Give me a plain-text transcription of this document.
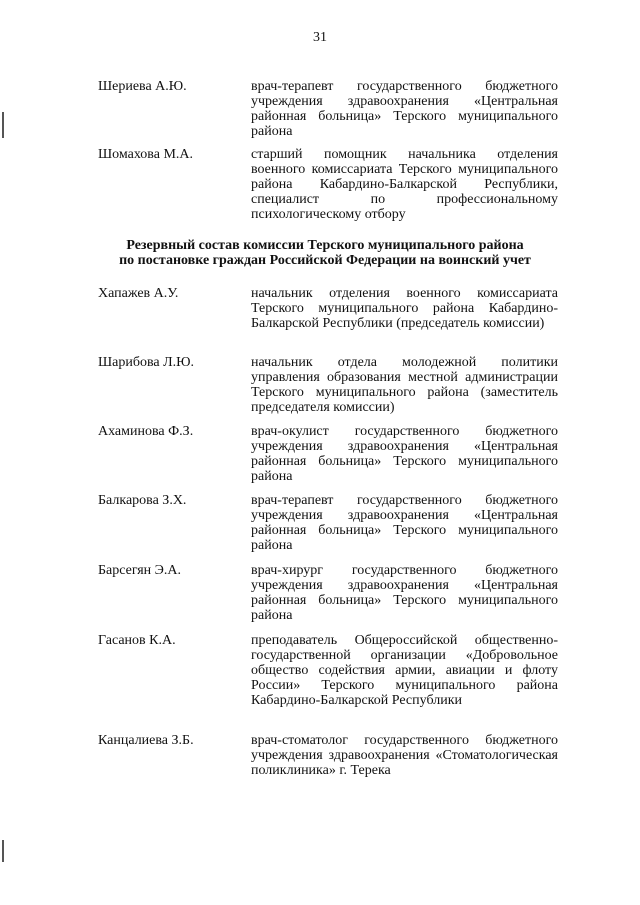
31
Шериева А.Ю.	врач-терапевт государственного бюджетного учреждения здравоохранения «Центральная районная больница» Терского муниципального района
Шомахова М.А.	старший помощник начальника отделения военного комиссариата Терского муниципального района Кабардино-Балкарской Республики, специалист по профессиональному психологическому отбору
Резервный состав комиссии Терского муниципального района
по постановке граждан Российской Федерации на воинский учет
Хапажев А.У.	начальник отделения военного комиссариата Терского муниципального района Кабардино-Балкарской Республики (председатель комиссии)
Шарибова Л.Ю.	начальник отдела молодежной политики управления образования местной администрации Терского муниципального района (заместитель председателя комиссии)
Ахаминова Ф.З.	врач-окулист государственного бюджетного учреждения здравоохранения «Центральная районная больница» Терского муниципального района
Балкарова З.Х.	врач-терапевт государственного бюджетного учреждения здравоохранения «Центральная районная больница» Терского муниципального района
Барсегян Э.А.	врач-хирург государственного бюджетного учреждения здравоохранения «Центральная районная больница» Терского муниципального района
Гасанов К.А.	преподаватель Общероссийской общественно-государственной организации «Добровольное общество содействия армии, авиации и флоту России» Терского муниципального района Кабардино-Балкарской Республики
Канцалиева З.Б.	врач-стоматолог государственного бюджетного учреждения здравоохранения «Стоматологическая поликлиника» г. Терека
